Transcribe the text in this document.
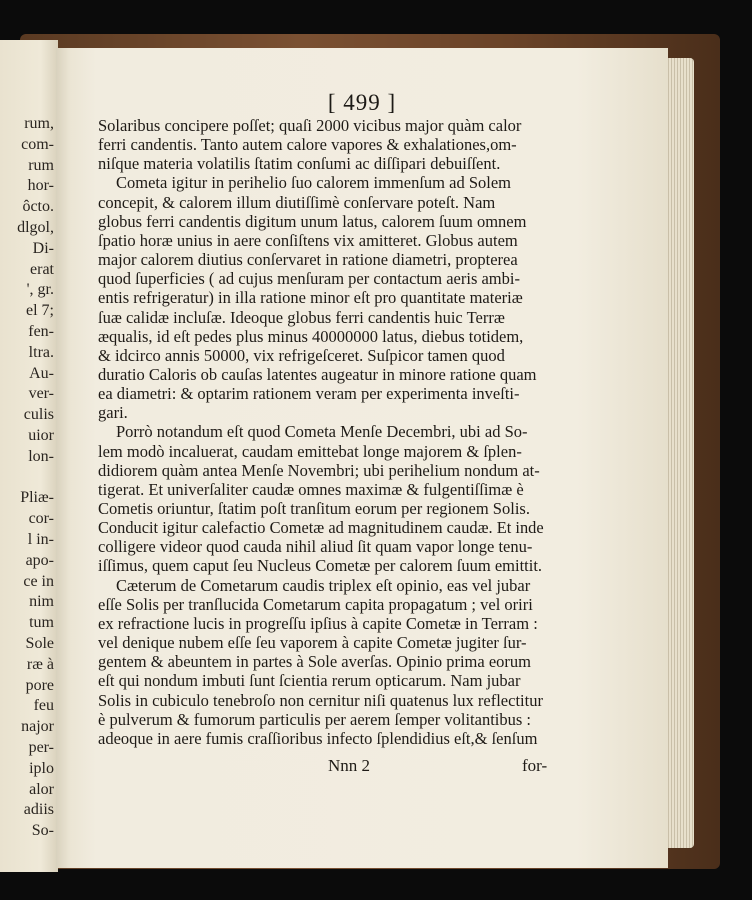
rum,
com-
rum
hor-
ôcto.
dlgol,
Di-
erat
', gr.
el 7;
fen-
ltra.
Au-
ver-
culis
uior
lon-
Pliæ-
cor-
l in-
apo-
ce in
nim
tum
Sole
ræ à
pore
feu
najor
per-
iplo
alor
adiis
So-
[ 499 ]
Solaribus concipere poſſet; quaſi 2000 vicibus major quàm calor
ferri candentis. Tanto autem calore vapores & exhalationes,om-
niſque materia volatilis ſtatim conſumi ac diſſipari debuiſſent.
Cometa igitur in perihelio ſuo calorem immenſum ad Solem
concepit, & calorem illum diutiſſimè conſervare poteſt. Nam
globus ferri candentis digitum unum latus, calorem ſuum omnem
ſpatio horæ unius in aere conſiſtens vix amitteret. Globus autem
major calorem diutius conſervaret in ratione diametri, propterea
quod ſuperficies ( ad cujus menſuram per contactum aeris ambi-
entis refrigeratur) in illa ratione minor eſt pro quantitate materiæ
ſuæ calidæ incluſæ. Ideoque globus ferri candentis huic Terræ
æqualis, id eſt pedes plus minus 40000000 latus, diebus totidem,
& idcirco annis 50000, vix refrigeſceret. Suſpicor tamen quod
duratio Caloris ob cauſas latentes augeatur in minore ratione quam
ea diametri: & optarim rationem veram per experimenta inveſti-
gari.
Porrò notandum eſt quod Cometa Menſe Decembri, ubi ad So-
lem modò incaluerat, caudam emittebat longe majorem & ſplen-
didiorem quàm antea Menſe Novembri; ubi perihelium nondum at-
tigerat. Et univerſaliter caudæ omnes maximæ & fulgentiſſimæ è
Cometis oriuntur, ſtatim poſt tranſitum eorum per regionem Solis.
Conducit igitur calefactio Cometæ ad magnitudinem caudæ. Et inde
colligere videor quod cauda nihil aliud ſit quam vapor longe tenu-
iſſimus, quem caput ſeu Nucleus Cometæ per calorem ſuum emittit.
Cæterum de Cometarum caudis triplex eſt opinio, eas vel jubar
eſſe Solis per tranſlucida Cometarum capita propagatum ; vel oriri
ex refractione lucis in progreſſu ipſius à capite Cometæ in Terram :
vel denique nubem eſſe ſeu vaporem à capite Cometæ jugiter ſur-
gentem & abeuntem in partes à Sole averſas. Opinio prima eorum
eſt qui nondum imbuti ſunt ſcientia rerum opticarum. Nam jubar
Solis in cubiculo tenebroſo non cernitur niſi quatenus lux reflectitur
è pulverum & fumorum particulis per aerem ſemper volitantibus :
adeoque in aere fumis craſſioribus infecto ſplendidius eſt,& ſenſum
Nnn 2	for-
